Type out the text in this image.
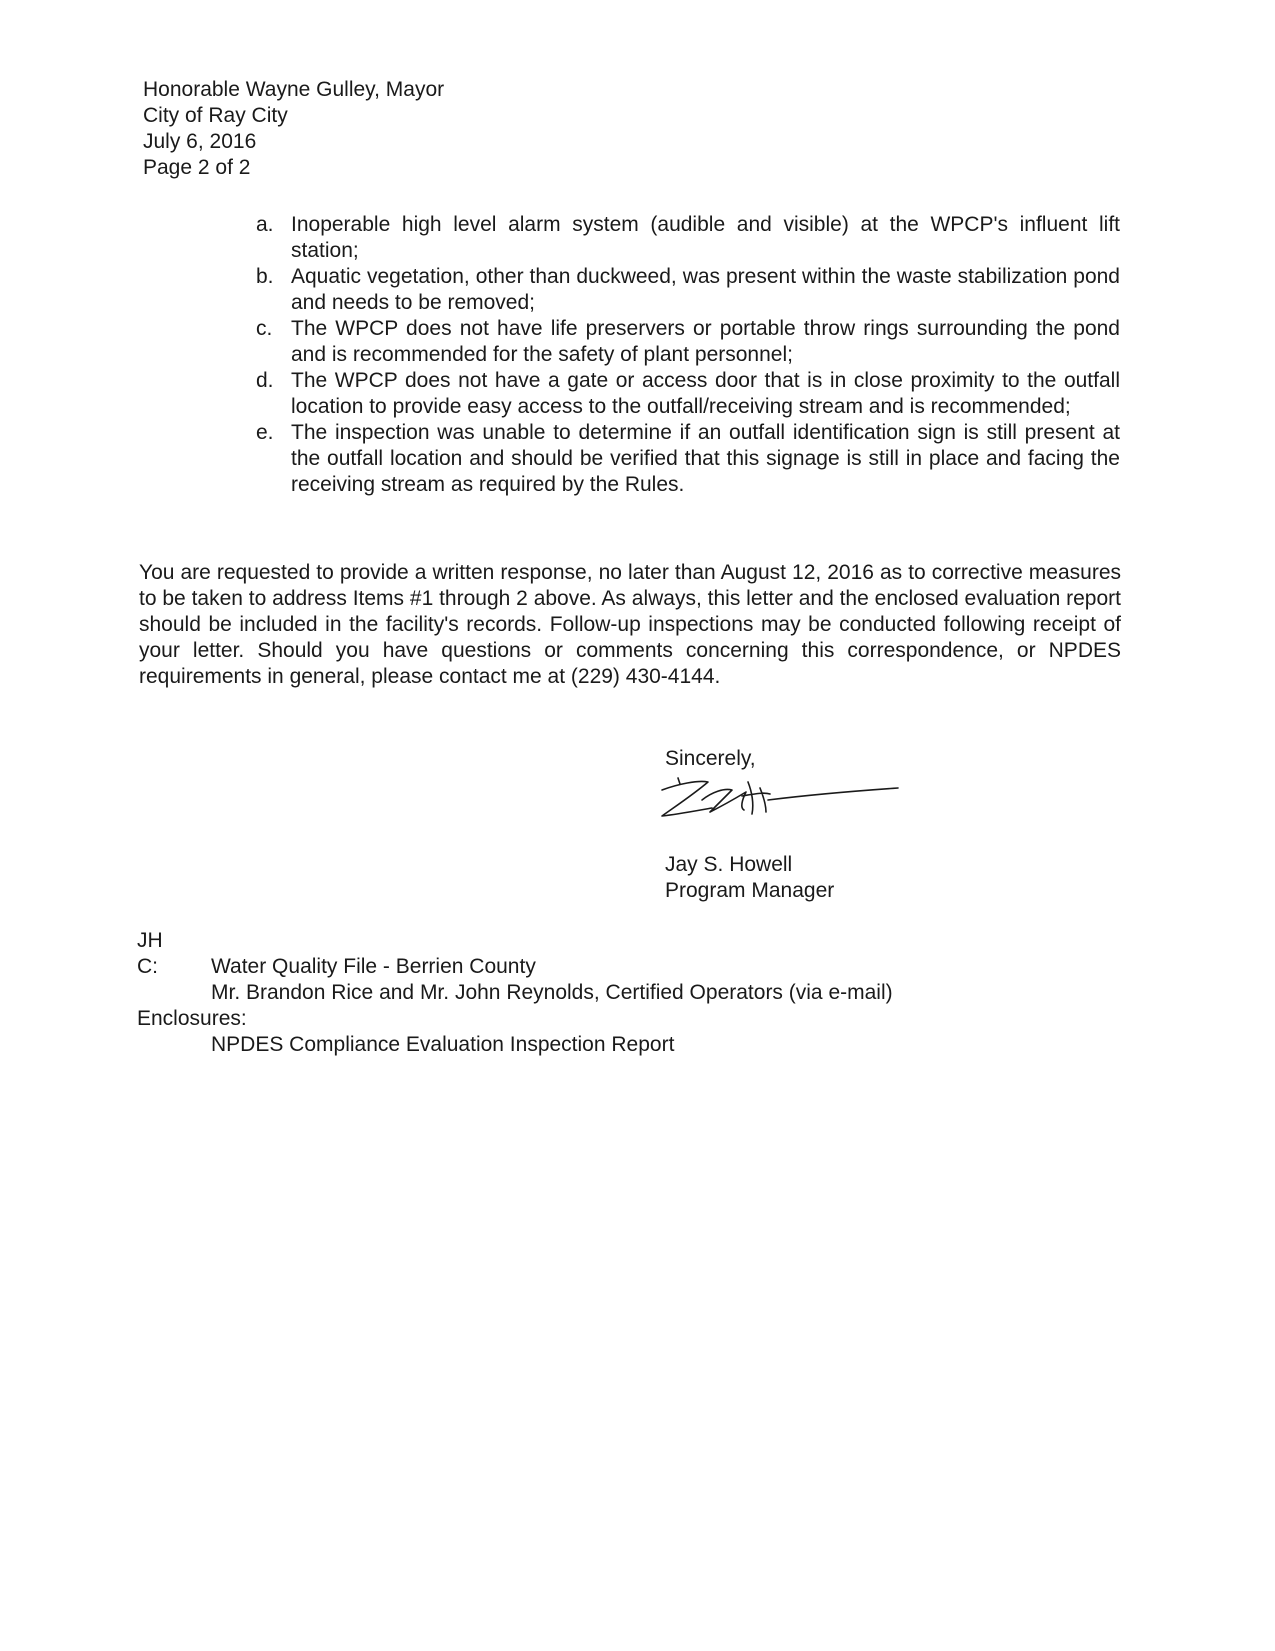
Honorable Wayne Gulley, Mayor
City of Ray City
July 6, 2016
Page 2 of 2
a. Inoperable high level alarm system (audible and visible) at the WPCP's influent lift station;
b. Aquatic vegetation, other than duckweed, was present within the waste stabilization pond and needs to be removed;
c. The WPCP does not have life preservers or portable throw rings surrounding the pond and is recommended for the safety of plant personnel;
d. The WPCP does not have a gate or access door that is in close proximity to the outfall location to provide easy access to the outfall/receiving stream and is recommended;
e. The inspection was unable to determine if an outfall identification sign is still present at the outfall location and should be verified that this signage is still in place and facing the receiving stream as required by the Rules.

You are requested to provide a written response, no later than August 12, 2016 as to corrective measures to be taken to address Items #1 through 2 above. As always, this letter and the enclosed evaluation report should be included in the facility's records. Follow-up inspections may be conducted following receipt of your letter. Should you have questions or comments concerning this correspondence, or NPDES requirements in general, please contact me at (229) 430-4144.

Sincerely,
Jay S. Howell
Program Manager
JH
C:	Water Quality File - Berrien County
Mr. Brandon Rice and Mr. John Reynolds, Certified Operators (via e-mail)
Enclosures:
NPDES Compliance Evaluation Inspection Report
